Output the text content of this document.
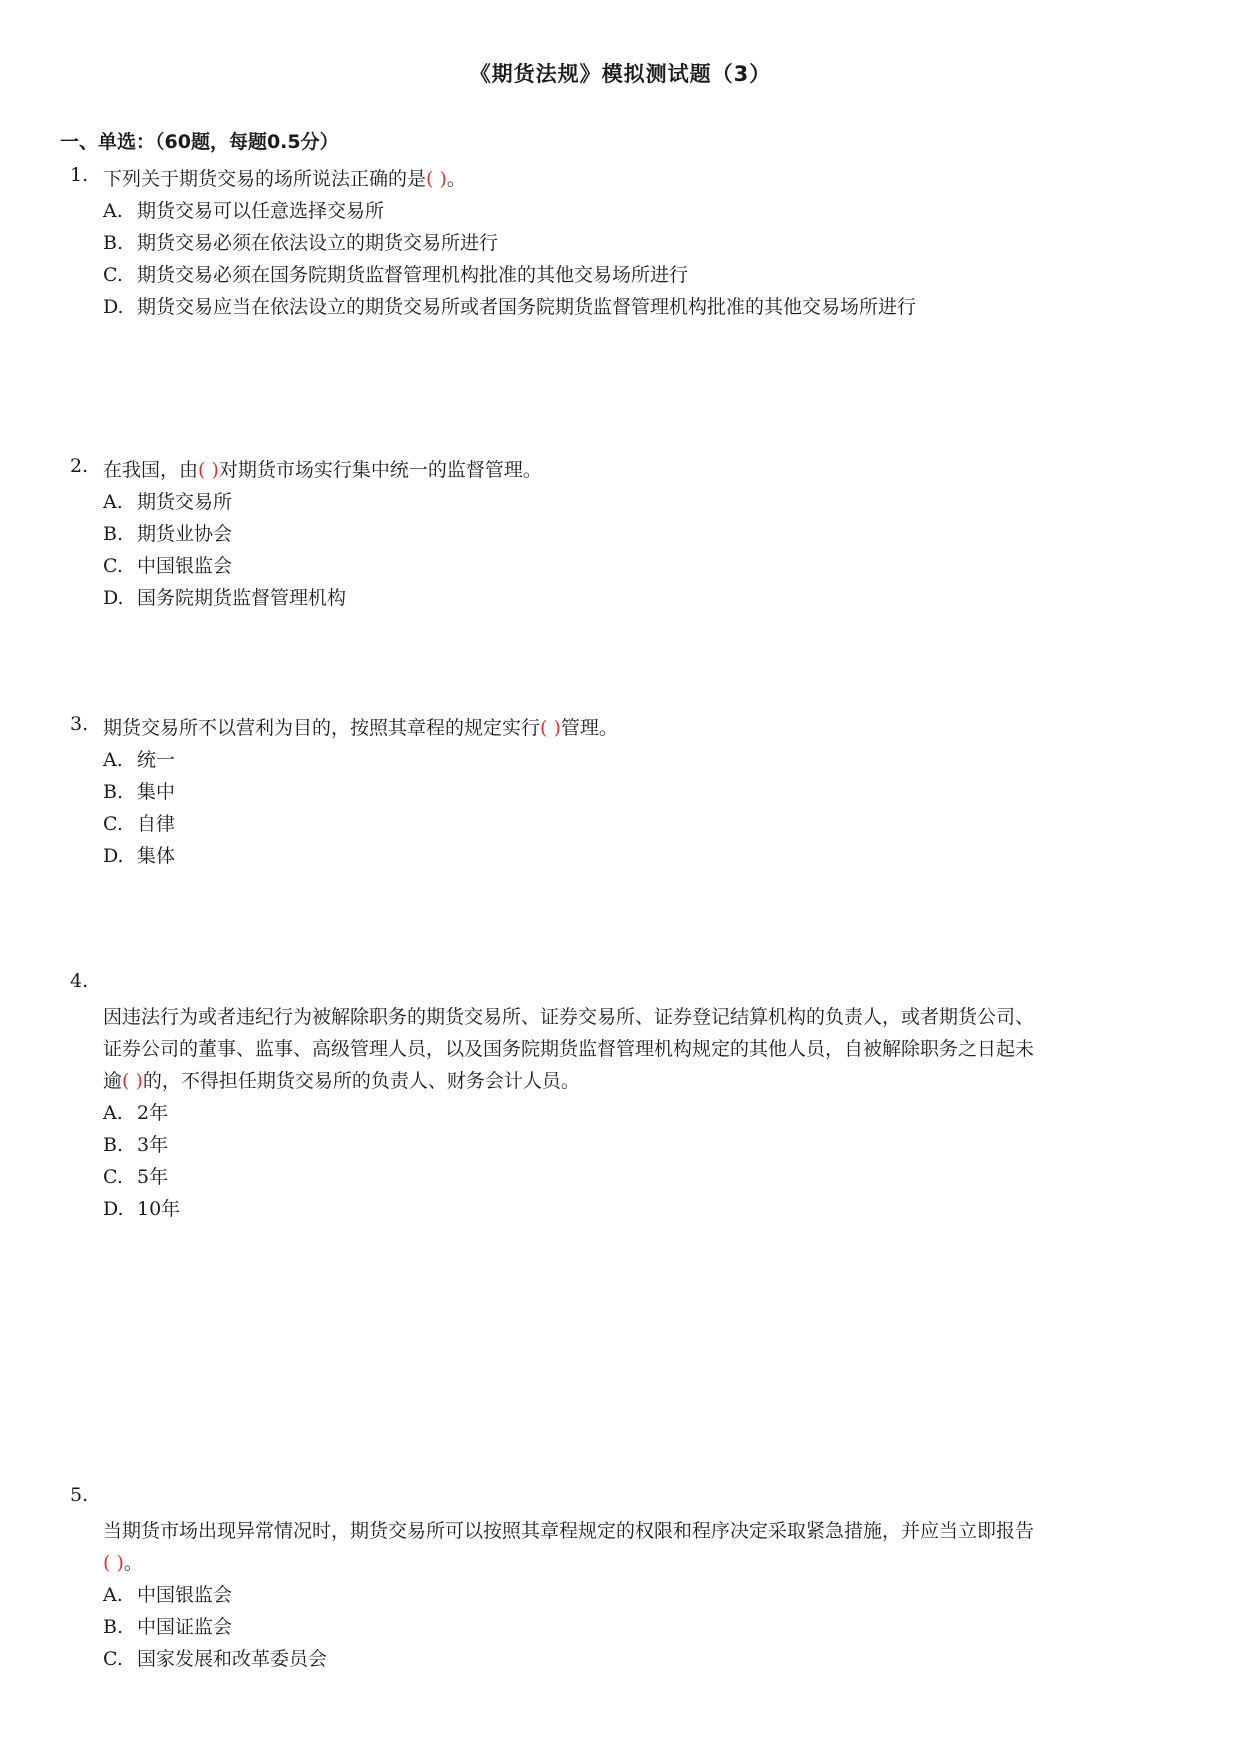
《期货法规》模拟测试题（3）
一、单选：（60题，每题0.5分）
1. 下列关于期货交易的场所说法正确的是( )。
A. 期货交易可以任意选择交易所
B. 期货交易必须在依法设立的期货交易所进行
C. 期货交易必须在国务院期货监督管理机构批准的其他交易场所进行
D. 期货交易应当在依法设立的期货交易所或者国务院期货监督管理机构批准的其他交易场所进行
2. 在我国，由( )对期货市场实行集中统一的监督管理。
A. 期货交易所
B. 期货业协会
C. 中国银监会
D. 国务院期货监督管理机构
3. 期货交易所不以营利为目的，按照其章程的规定实行( )管理。
A. 统一
B. 集中
C. 自律
D. 集体
4.
因违法行为或者违纪行为被解除职务的期货交易所、证券交易所、证券登记结算机构的负责人，或者期货公司、
证券公司的董事、监事、高级管理人员，以及国务院期货监督管理机构规定的其他人员，自被解除职务之日起未
逾( )的，不得担任期货交易所的负责人、财务会计人员。
A. 2年
B. 3年
C. 5年
D. 10年
5.
当期货市场出现异常情况时，期货交易所可以按照其章程规定的权限和程序决定采取紧急措施，并应当立即报告
( )。
A. 中国银监会
B. 中国证监会
C. 国家发展和改革委员会
